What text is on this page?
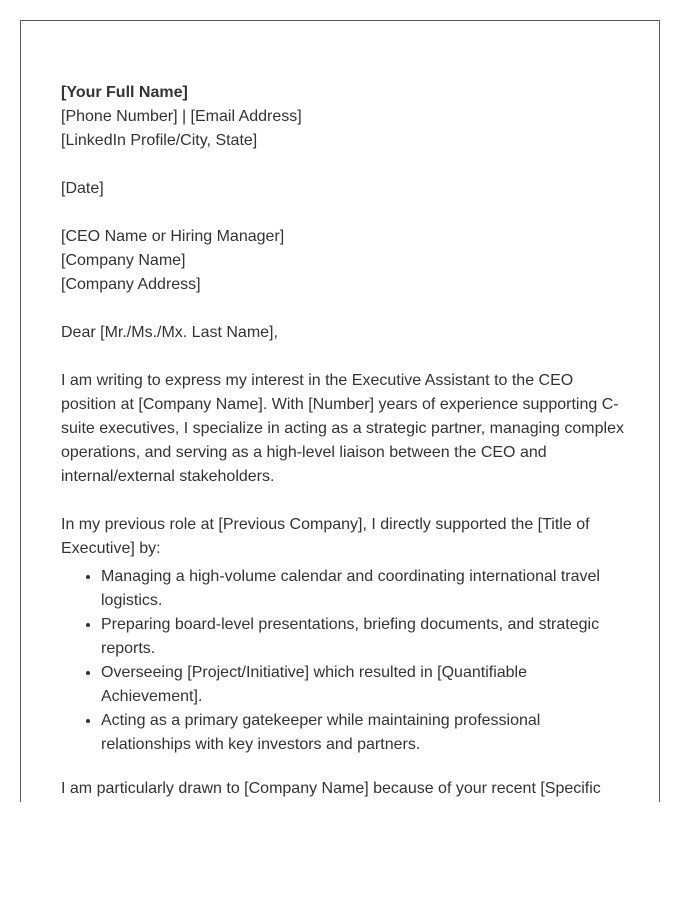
[Your Full Name]
[Phone Number] | [Email Address]
[LinkedIn Profile/City, State]
[Date]
[CEO Name or Hiring Manager]
[Company Name]
[Company Address]

Dear [Mr./Ms./Mx. Last Name],

I am writing to express my interest in the Executive Assistant to the CEO position at [Company Name]. With [Number] years of experience supporting C-suite executives, I specialize in acting as a strategic partner, managing complex operations, and serving as a high-level liaison between the CEO and internal/external stakeholders.

In my previous role at [Previous Company], I directly supported the [Title of Executive] by:

• Managing a high-volume calendar and coordinating international travel logistics.
• Preparing board-level presentations, briefing documents, and strategic reports.
• Overseeing [Project/Initiative] which resulted in [Quantifiable Achievement].
• Acting as a primary gatekeeper while maintaining professional relationships with key investors and partners.

I am particularly drawn to [Company Name] because of your recent [Specific
